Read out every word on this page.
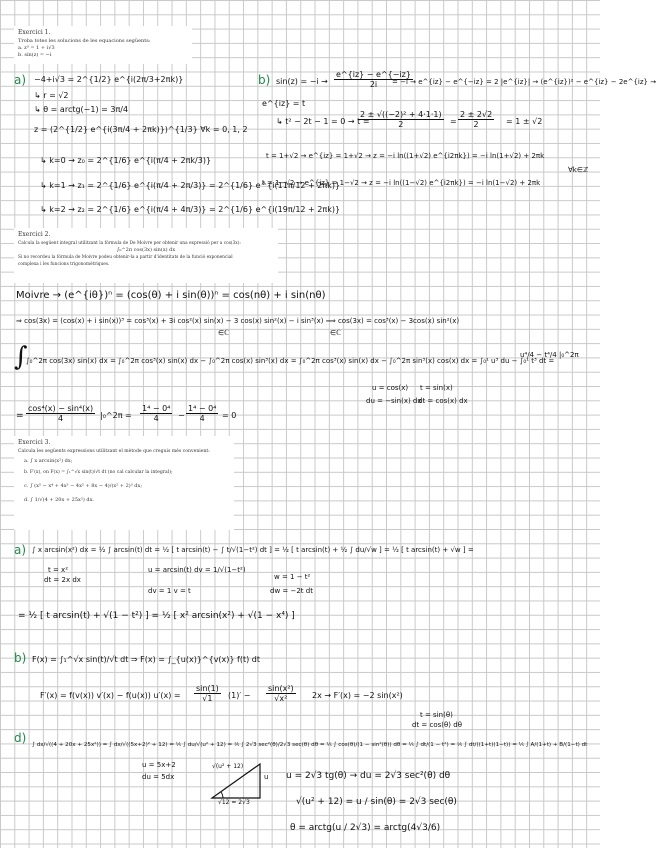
Exercici 1.
Troba totes les solucions de les equacions següents:
a. z³ = 1 + i√3
b. sin(z) = −i
a) −4+i√3 = 2^{1/2} e^{i(2π/3+2πk)}
↳ r = √2
↳ θ = arctg(−1) = 3π/4
z = (2^{1/2} e^{i(3π/4 + 2πk)})^{1/3} ∀k = 0, 1, 2
↳ k=0 → z₀ = 2^{1/6} e^{i(π/4 + 2πk/3)}
↳ k=1 → z₁ = 2^{1/6} e^{i(π/4 + 2π/3)} = 2^{1/6} e^{i(11π/12 + 2πk)}
↳ k=2 → z₂ = 2^{1/6} e^{i(π/4 + 4π/3)} = 2^{1/6} e^{i(19π/12 + 2πk)}
b) $\sin(z) = -i \to \frac{e\^{}\{iz\} - e\^{}\{-iz\}}{2i}$
= −i → e^{iz} − e^{−iz} = 2 |e^{iz}| → (e^{iz})² − e^{iz} − 2e^{iz} →
e^{iz} = t
↳ t² − 2t − 1 = 0 → t =
$\frac{\text{2 ± √((−2)² + 4·1·1)}}{2} = \frac{2 \pm 2√2}{2} = 1 \pm √2$
t = 1+√2 → e^{iz} = 1+√2 → z = −i ln((1+√2) e^{i2πk}) = −i ln(1+√2) + 2πk
t = 1−√2 → e^{iz} = 1−√2 → z = −i ln((1−√2) e^{i2πk}) = −i ln(1−√2) + 2πk
∀k∈ℤ
Exercici 2.
Calcula la següent integral utilitzant la fórmula de De Moivre per obtenir una expressió per a cos(3x):
∫₀^2π cos(3x) sin(x) dx
Si no recordeu la fórmula de Moivre podeu obtenir-la a partir d'identitats de la funció exponencial
complexa i les funcions trigonomètriques.
Moivre → (e^{iθ})ⁿ = (cos(θ) + i sin(θ))ⁿ = cos(nθ) + i sin(nθ)
⇒ cos(3x) = (cos(x) + i sin(x))³ = cos³(x) + 3i cos²(x) sin(x) − 3 cos(x) sin²(x) − i sin³(x) ⟹ cos(3x) = cos³(x) − 3cos(x) sin²(x)
∈ℂ	∈ℂ
∫
∫₀^2π cos(3x) sin(x) dx = ∫₀^2π cos³(x) sin(x) dx − ∫₀^2π cos(x) sin³(x) dx = ∫₀^2π cos³(x) sin(x) dx − ∫₀^2π sin³(x) cos(x) dx = ∫₀¹ u³ du − ∫₀¹ t³ dt =
u⁴/4 − t⁴/4 |₀^2π
u = cos(x)
du = −sin(x) dx
t = sin(x)
dt = cos(x) dx
= $\frac{\text{cos⁴(x) − sin⁴(x)}}{4}$ |₀^2π = $\frac{\text{1⁴ − 0⁴}}{4} - \frac{\text{1⁴ − 0⁴}}{4} = 0$
Exercici 3.
Calcula les següents expressions utilitzant el mètode que creguis més convenient:
a. ∫ x arcsin(x²) dx;
b. F′(x), on F(x) = ∫₁^√x sin(t)/√t dt (no cal calcular la integral);
c. ∫ (x⁵ − x⁴ + 4x³ − 4x² + 8x − 4)/(x² + 2)³ dx;
d. ∫ 1/√(4 + 20x + 25x²) dx.
a) ∫ x arcsin(x²) dx = ½ ∫ arcsin(t) dt = ½ [ t arcsin(t) − ∫ t/√(1−t²) dt ] = ½ [ t arcsin(t) + ½ ∫ du/√w ] = ½ [ t arcsin(t) + √w ] =
t = x²
dt = 2x dx
u = arcsin(t) dv = 1/√(1−t²)
dv = 1 v = t
w = 1 − t²
dw = −2t dt
= ½ [ t arcsin(t) + √(1 − t²) ] = ½ [ x² arcsin(x²) + √(1 − x⁴) ]
b) F(x) = ∫₁^√x sin(t)/√t dt ⇒ F(x) = ∫_{u(x)}^{v(x)} f(t) dt
F′(x) = f(v(x)) v′(x) − f(u(x)) $u'(x) = \frac{\sin(1)}{√1} (1)' - \frac{\text{sin(x²)}}{\text{√x²}} 2x \to F'(x) = -2$ sin(x²)
d) ∫ dx/√((4 + 20x + 25x²)) = ∫ dx/√((5x+2)² + 12) = ⅕ ∫ du/√(u² + 12) = ⅕ ∫ 2√3 sec²(θ)/2√3 sec(θ) dθ = ⅕ ∫ cos(θ)/(1 − sin²(θ)) dθ = ⅕ ∫ dt/(1 − t²) = ⅕ ∫ dt/((1+t)(1−t)) = ⅕ ∫ A/(1+t) + B/(1−t) dt
u = 5x+2
du = 5dx
t = sin(θ)
dt = cos(θ) dθ
√(u² + 12)
u
√12 = 2√3
u = 2√3 tg(θ) → du = 2√3 sec²(θ) dθ
√(u² + 12) = u / sin(θ) = 2√3 sec(θ)
θ = arctg(u / 2√3) = arctg(4√3/6)
